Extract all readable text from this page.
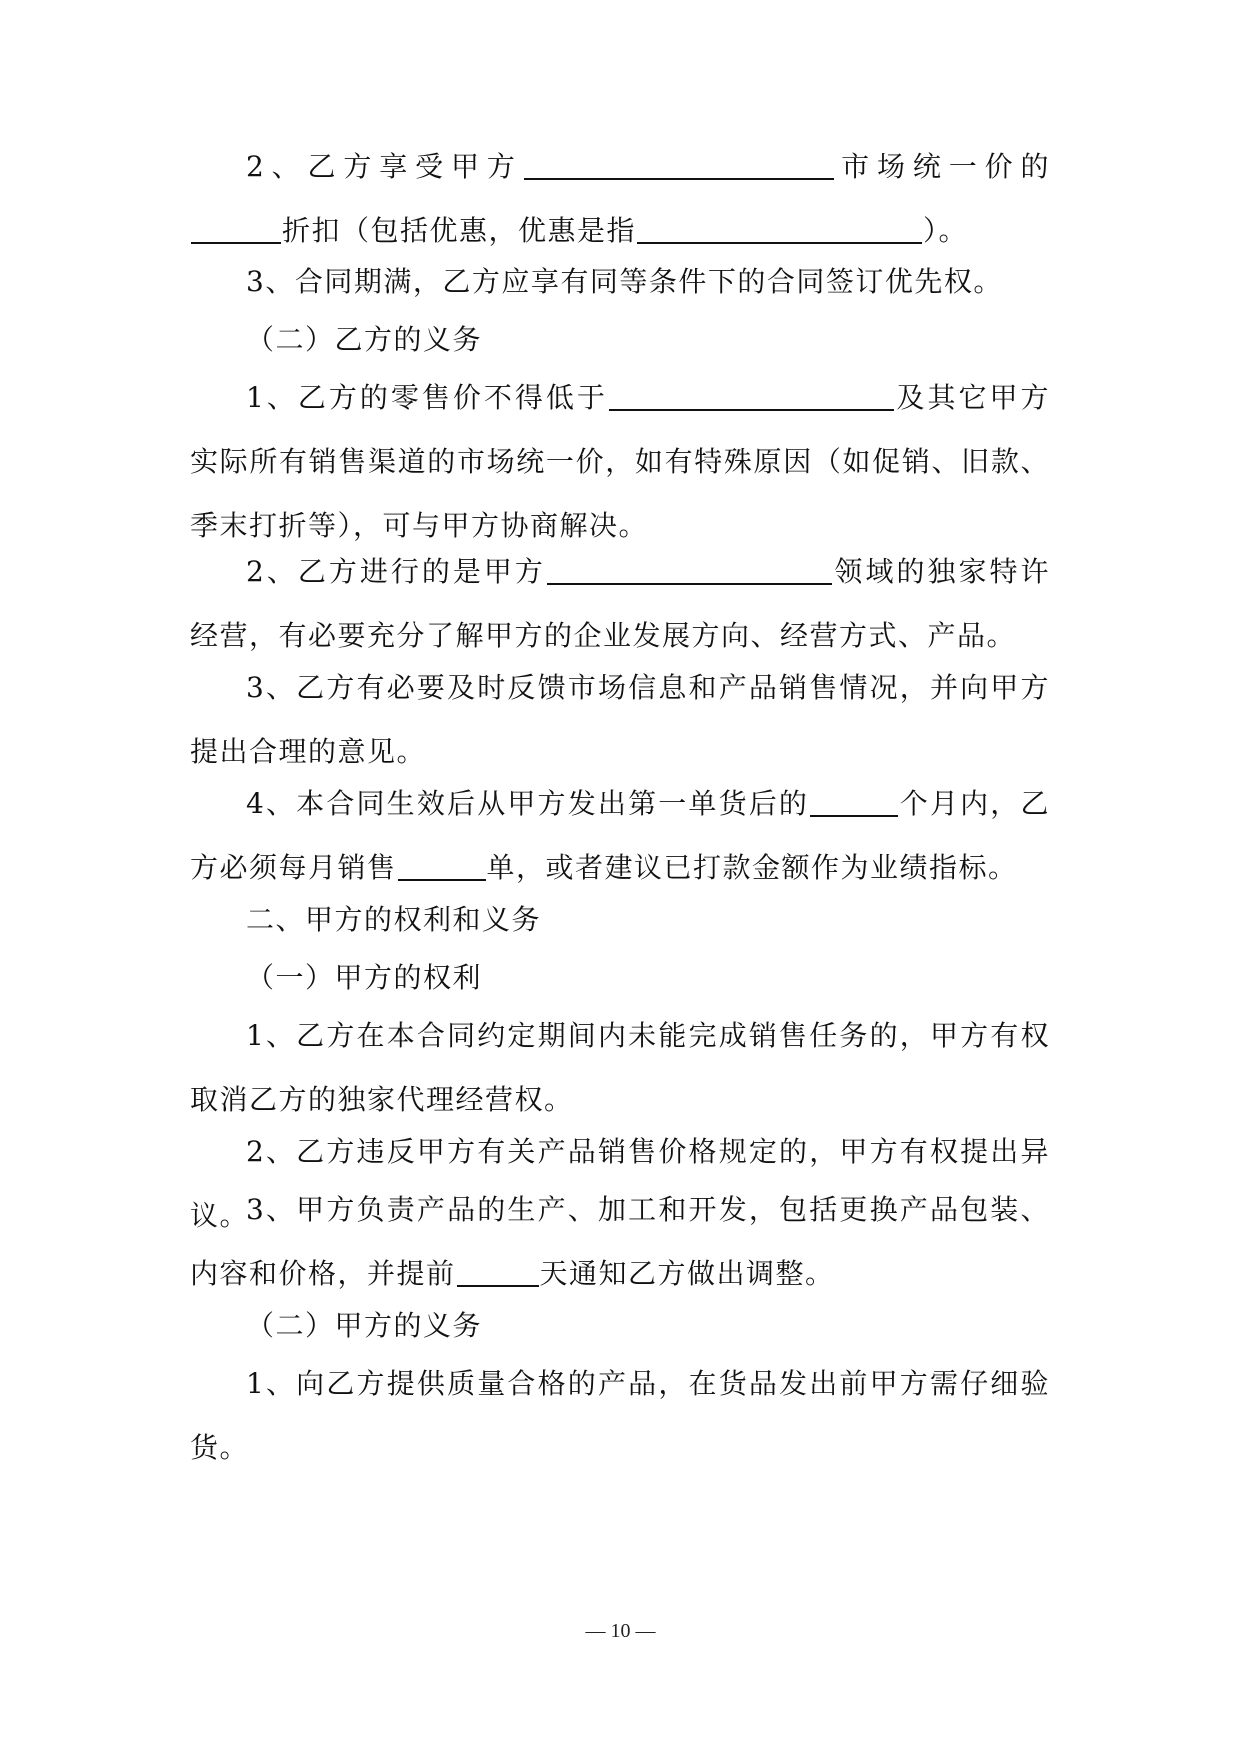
2、乙方享受甲方	市场统一价的折扣（包括优惠，优惠是指	）。

3、合同期满，乙方应享有同等条件下的合同签订优先权。

（二）乙方的义务

1、乙方的零售价不得低于	及其它甲方实际所有销售渠道的市场统一价，如有特殊原因（如促销、旧款、季末打折等），可与甲方协商解决。

2、乙方进行的是甲方	领域的独家特许经营，有必要充分了解甲方的企业发展方向、经营方式、产品。

3、乙方有必要及时反馈市场信息和产品销售情况，并向甲方提出合理的意见。

4、本合同生效后从甲方发出第一单货后的	个月内，乙方必须每月销售	单，或者建议已打款金额作为业绩指标。

二、甲方的权利和义务

（一）甲方的权利

1、乙方在本合同约定期间内未能完成销售任务的，甲方有权取消乙方的独家代理经营权。

2、乙方违反甲方有关产品销售价格规定的，甲方有权提出异议。

3、甲方负责产品的生产、加工和开发，包括更换产品包装、内容和价格，并提前	天通知乙方做出调整。

（二）甲方的义务

1、向乙方提供质量合格的产品，在货品发出前甲方需仔细验货。

— 10 —
